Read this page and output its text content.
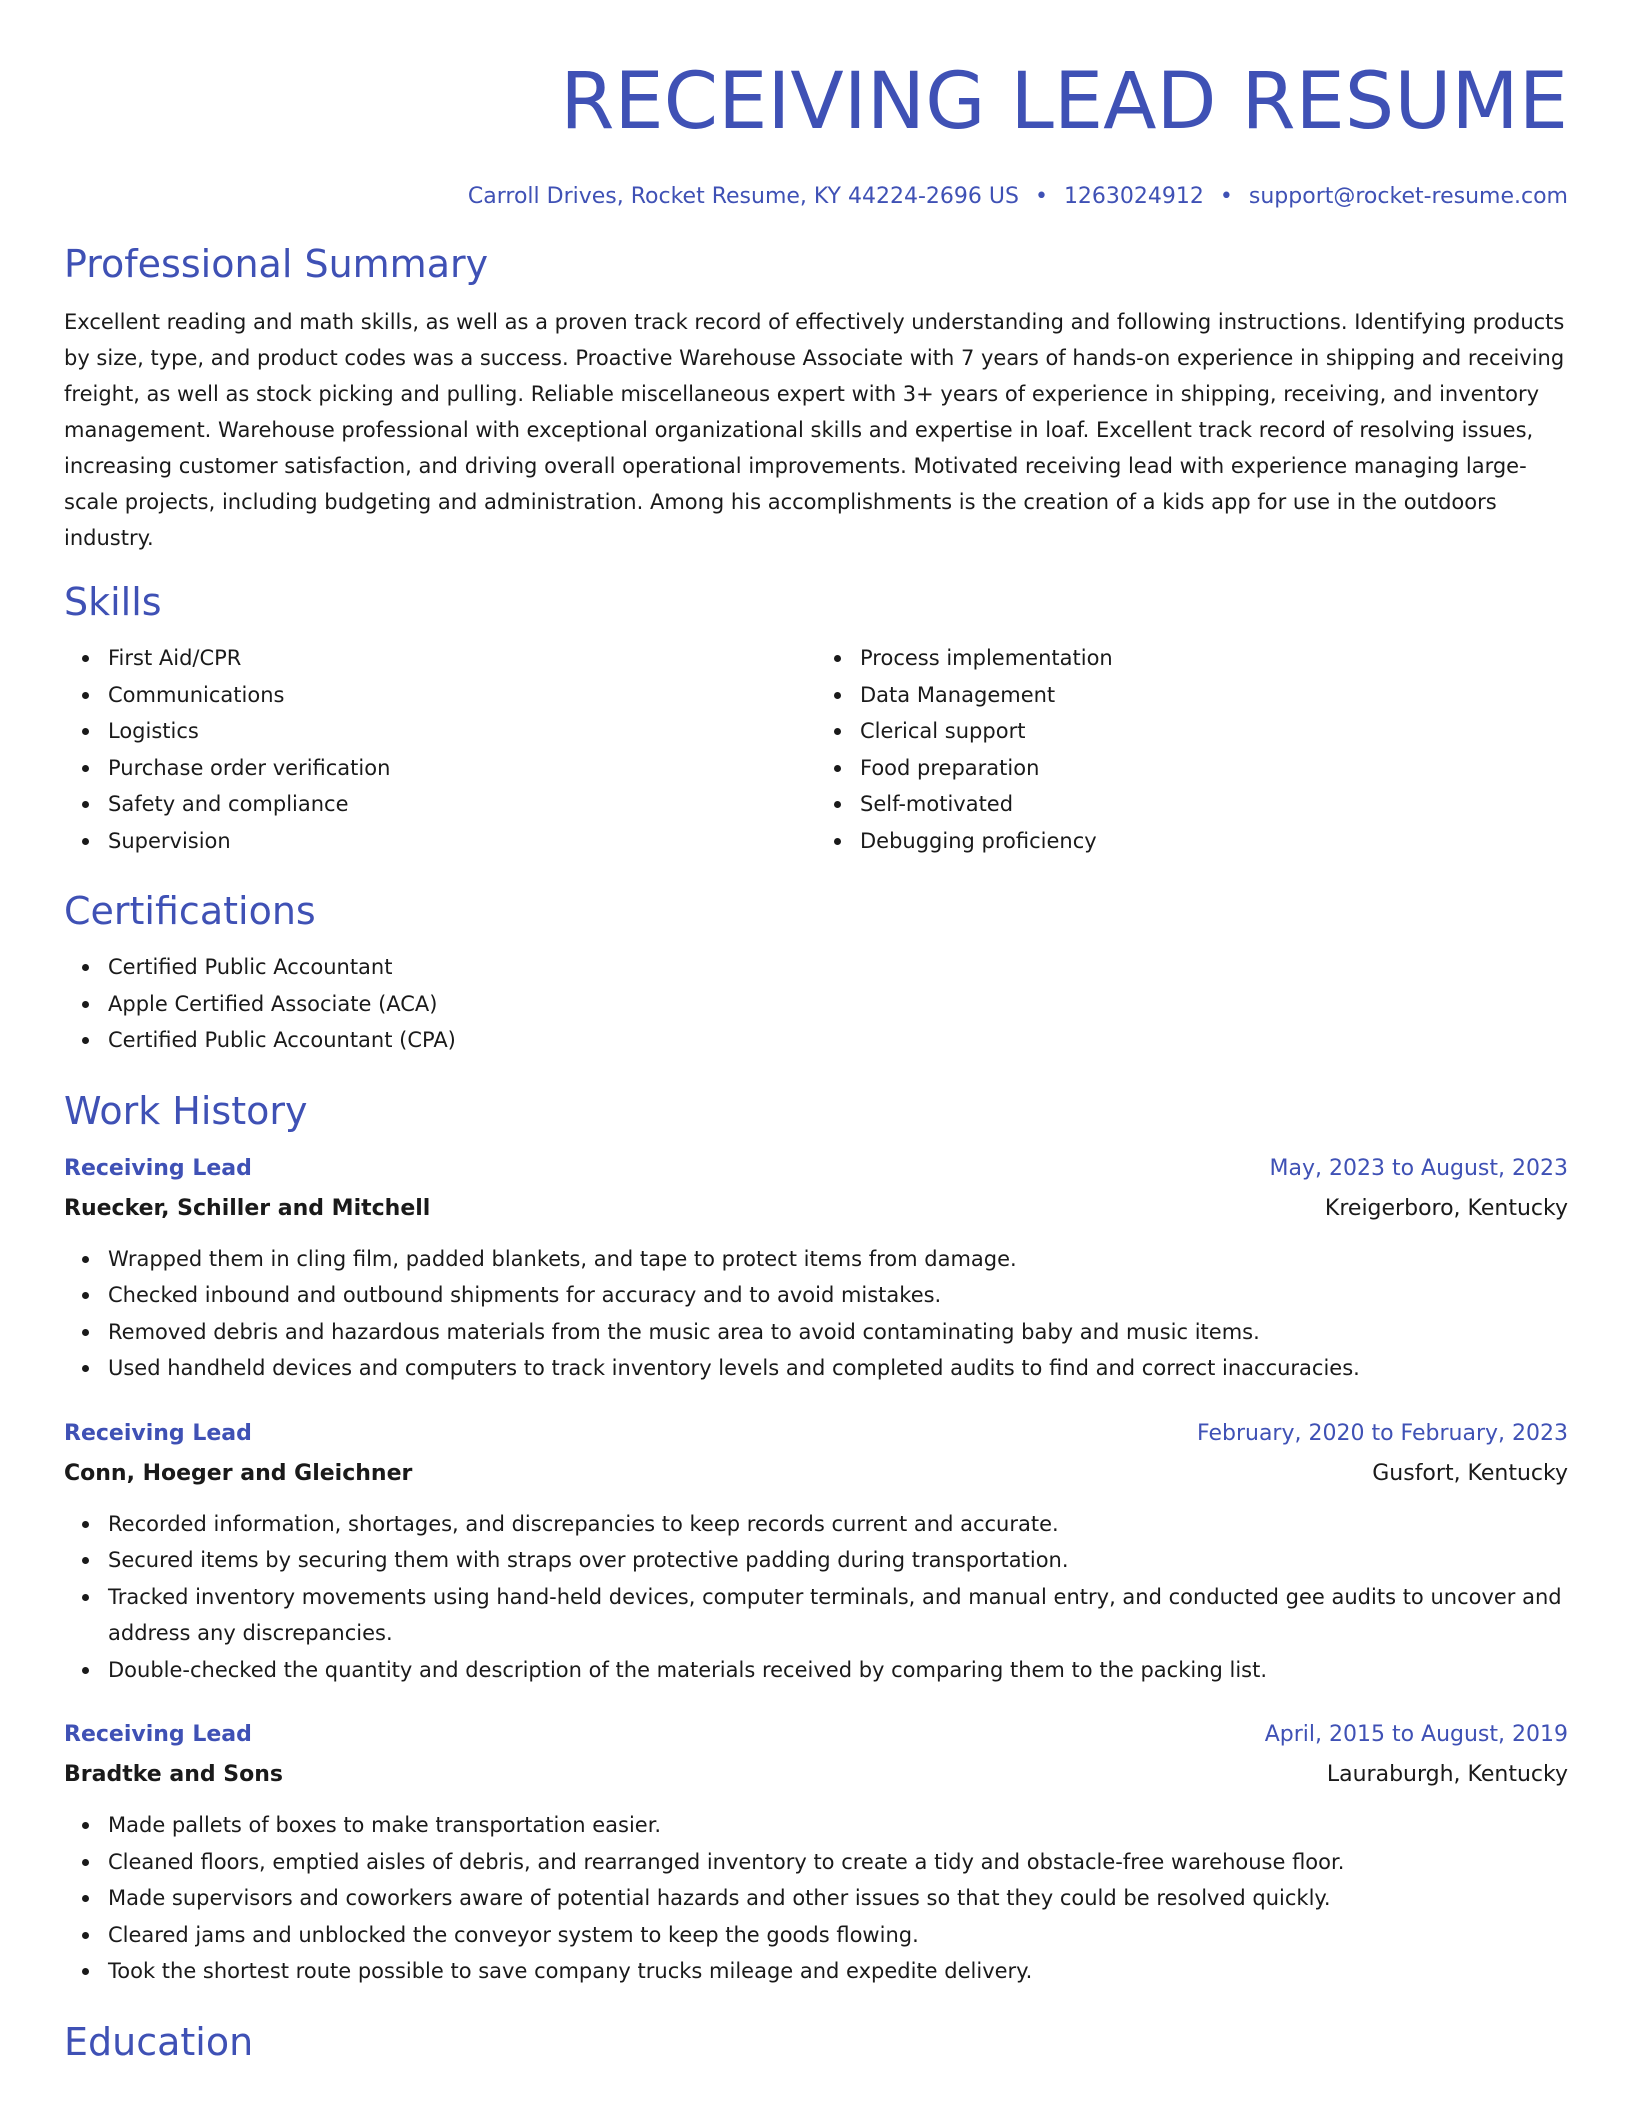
RECEIVING LEAD RESUME
Carroll Drives, Rocket Resume, KY 44224-2696 US • 1263024912 • support@rocket-resume.com
Professional Summary
Excellent reading and math skills, as well as a proven track record of effectively understanding and following instructions. Identifying products by size, type, and product codes was a success. Proactive Warehouse Associate with 7 years of hands-on experience in shipping and receiving freight, as well as stock picking and pulling. Reliable miscellaneous expert with 3+ years of experience in shipping, receiving, and inventory management. Warehouse professional with exceptional organizational skills and expertise in loaf. Excellent track record of resolving issues, increasing customer satisfaction, and driving overall operational improvements. Motivated receiving lead with experience managing large-scale projects, including budgeting and administration. Among his accomplishments is the creation of a kids app for use in the outdoors industry.
Skills
First Aid/CPR
Communications
Logistics
Purchase order verification
Safety and compliance
Supervision
Process implementation
Data Management
Clerical support
Food preparation
Self-motivated
Debugging proficiency
Certifications
Certified Public Accountant
Apple Certified Associate (ACA)
Certified Public Accountant (CPA)
Work History
Receiving Lead	May, 2023 to August, 2023
Ruecker, Schiller and Mitchell	Kreigerboro, Kentucky
Wrapped them in cling film, padded blankets, and tape to protect items from damage.
Checked inbound and outbound shipments for accuracy and to avoid mistakes.
Removed debris and hazardous materials from the music area to avoid contaminating baby and music items.
Used handheld devices and computers to track inventory levels and completed audits to find and correct inaccuracies.
Receiving Lead	February, 2020 to February, 2023
Conn, Hoeger and Gleichner	Gusfort, Kentucky
Recorded information, shortages, and discrepancies to keep records current and accurate.
Secured items by securing them with straps over protective padding during transportation.
Tracked inventory movements using hand-held devices, computer terminals, and manual entry, and conducted gee audits to uncover and address any discrepancies.
Double-checked the quantity and description of the materials received by comparing them to the packing list.
Receiving Lead	April, 2015 to August, 2019
Bradtke and Sons	Lauraburgh, Kentucky
Made pallets of boxes to make transportation easier.
Cleaned floors, emptied aisles of debris, and rearranged inventory to create a tidy and obstacle-free warehouse floor.
Made supervisors and coworkers aware of potential hazards and other issues so that they could be resolved quickly.
Cleared jams and unblocked the conveyor system to keep the goods flowing.
Took the shortest route possible to save company trucks mileage and expedite delivery.
Education
